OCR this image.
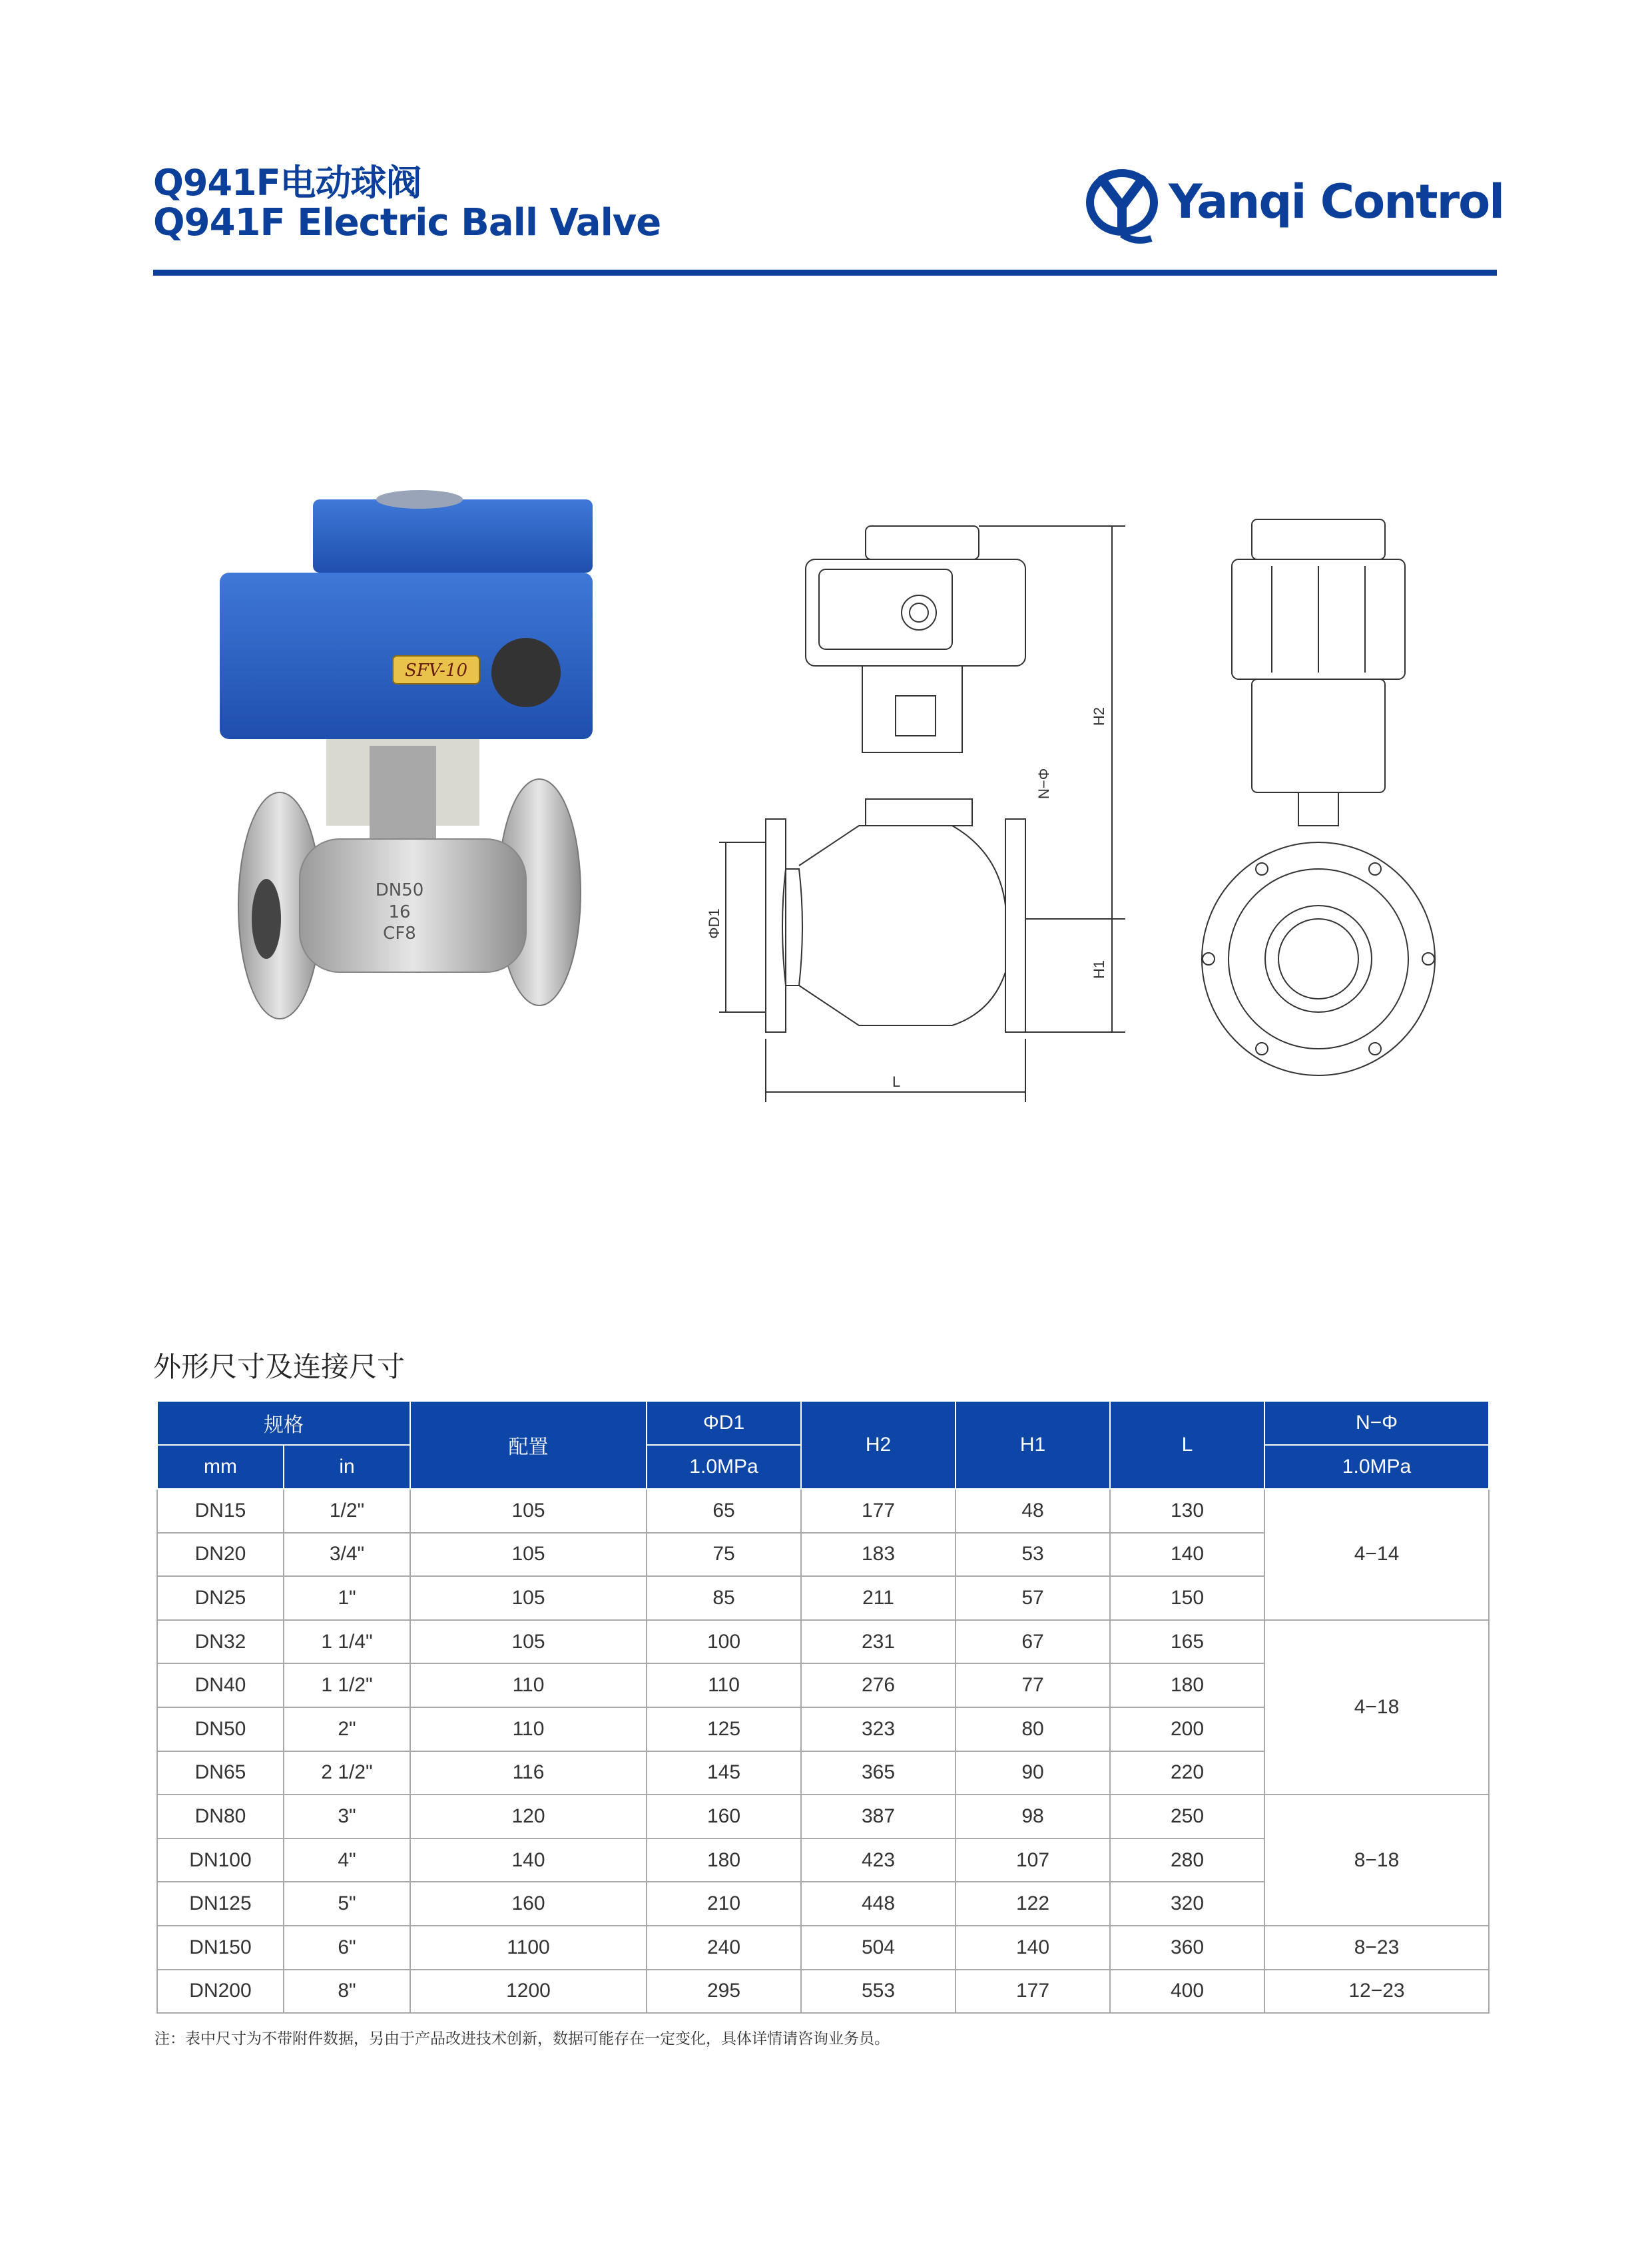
Q941F电动球阀
Q941F Electric Ball Valve	Yanqi Control
SFV-10
DN50
16
CF8
H2
H1
ΦD1
L
N−Φ
外形尺寸及连接尺寸
规格		配置	ΦD1	H2	H1	L	N−Φ
mm	in		1.0MPa				1.0MPa
DN15	1/2"	105	65	177	48	130	4−14
DN20	3/4"	105	75	183	53	140	
DN25	1"	105	85	211	57	150	
DN32	1 1/4"	105	100	231	67	165	4−18
DN40	1 1/2"	110	110	276	77	180	
DN50	2"	110	125	323	80	200	
DN65	2 1/2"	116	145	365	90	220	
DN80	3"	120	160	387	98	250	8−18
DN100	4"	140	180	423	107	280	
DN125	5"	160	210	448	122	320	
DN150	6"	1100	240	504	140	360	8−23
DN200	8"	1200	295	553	177	400	12−23
注：表中尺寸为不带附件数据，另由于产品改进技术创新，数据可能存在一定变化，具体详情请咨询业务员。
